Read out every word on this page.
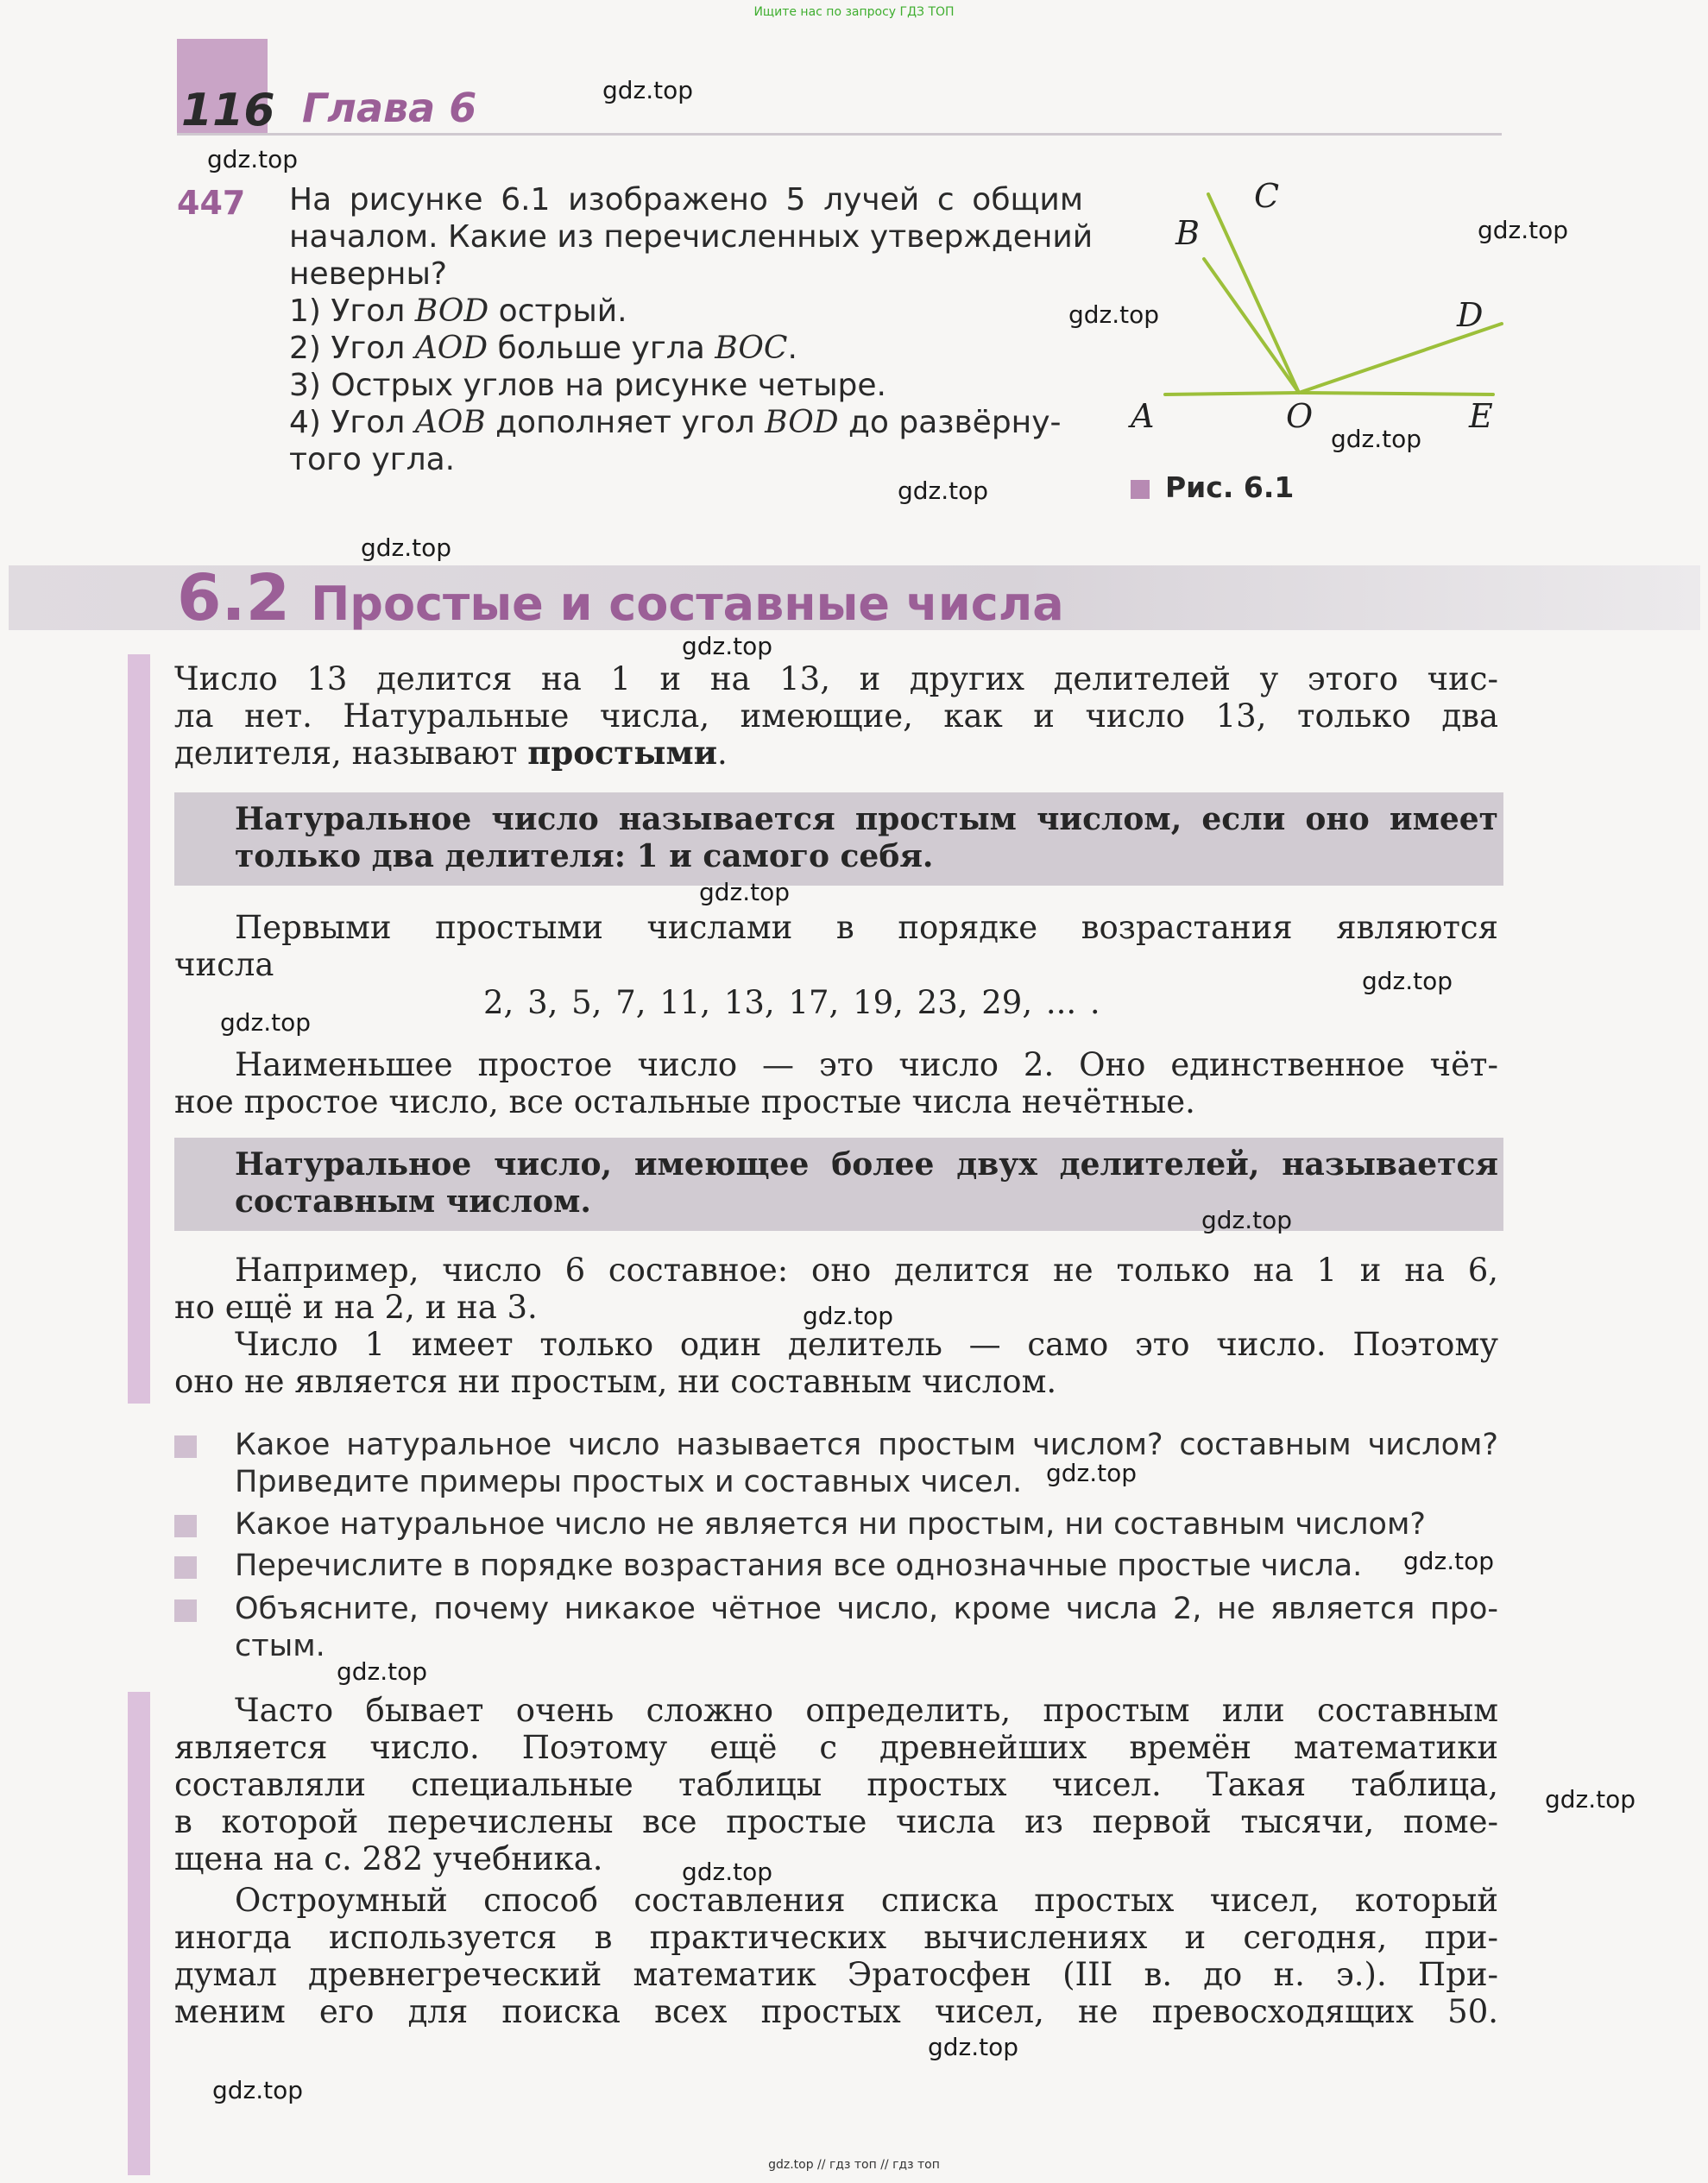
Ищите нас по запросу ГДЗ ТОП
gdz.top // гдз топ // гдз топ
116 Глава 6
447 На рисунке 6.1 изображено 5 лучей с общим
началом. Какие из перечисленных утверждений
неверны?
1) Угол BOD острый.
2) Угол AOD больше угла BOC.
3) Острых углов на рисунке четыре.
4) Угол AOB дополняет угол BOD до развёрну-
того угла.
A
B
C
D
O	E
Рис. 6.1
6.2 Простые и составные числа
Число 13 делится на 1 и на 13, и других делителей у этого чис-
ла нет. Натуральные числа, имеющие, как и число 13, только два
делителя, называют простыми.
Натуральное число называется простым числом, если оно имеет
только два делителя: 1 и самого себя.
Первыми простыми числами в порядке возрастания являются
числа
2, 3, 5, 7, 11, 13, 17, 19, 23, 29, ... .
Наименьшее простое число — это число 2. Оно единственное чёт-
ное простое число, все остальные простые числа нечётные.
Натуральное число, имеющее более двух делителей, называется
составным числом.
Например, число 6 составное: оно делится не только на 1 и на 6,
но ещё и на 2, и на 3.
Число 1 имеет только один делитель — само это число. Поэтому
оно не является ни простым, ни составным числом.
Какое натуральное число называется простым числом? составным числом?
Приведите примеры простых и составных чисел.
Какое натуральное число не является ни простым, ни составным числом?
Перечислите в порядке возрастания все однозначные простые числа.
Объясните, почему никакое чётное число, кроме числа 2, не является про-
стым.
Часто бывает очень сложно определить, простым или составным
является число. Поэтому ещё с древнейших времён математики
составляли специальные таблицы простых чисел. Такая таблица,
в которой перечислены все простые числа из первой тысячи, поме-
щена на с. 282 учебника.
Остроумный способ составления списка простых чисел, который
иногда используется в практических вычислениях и сегодня, при-
думал древнегреческий математик Эратосфен (III в. до н. э.). При-
меним его для поиска всех простых чисел, не превосходящих 50.
gdz.top
gdz.top
gdz.top
gdz.top
gdz.top
gdz.top
gdz.top
gdz.top
gdz.top
gdz.top
gdz.top
gdz.top
gdz.top
gdz.top
gdz.top
gdz.top
gdz.top
gdz.top
gdz.top
gdz.top
